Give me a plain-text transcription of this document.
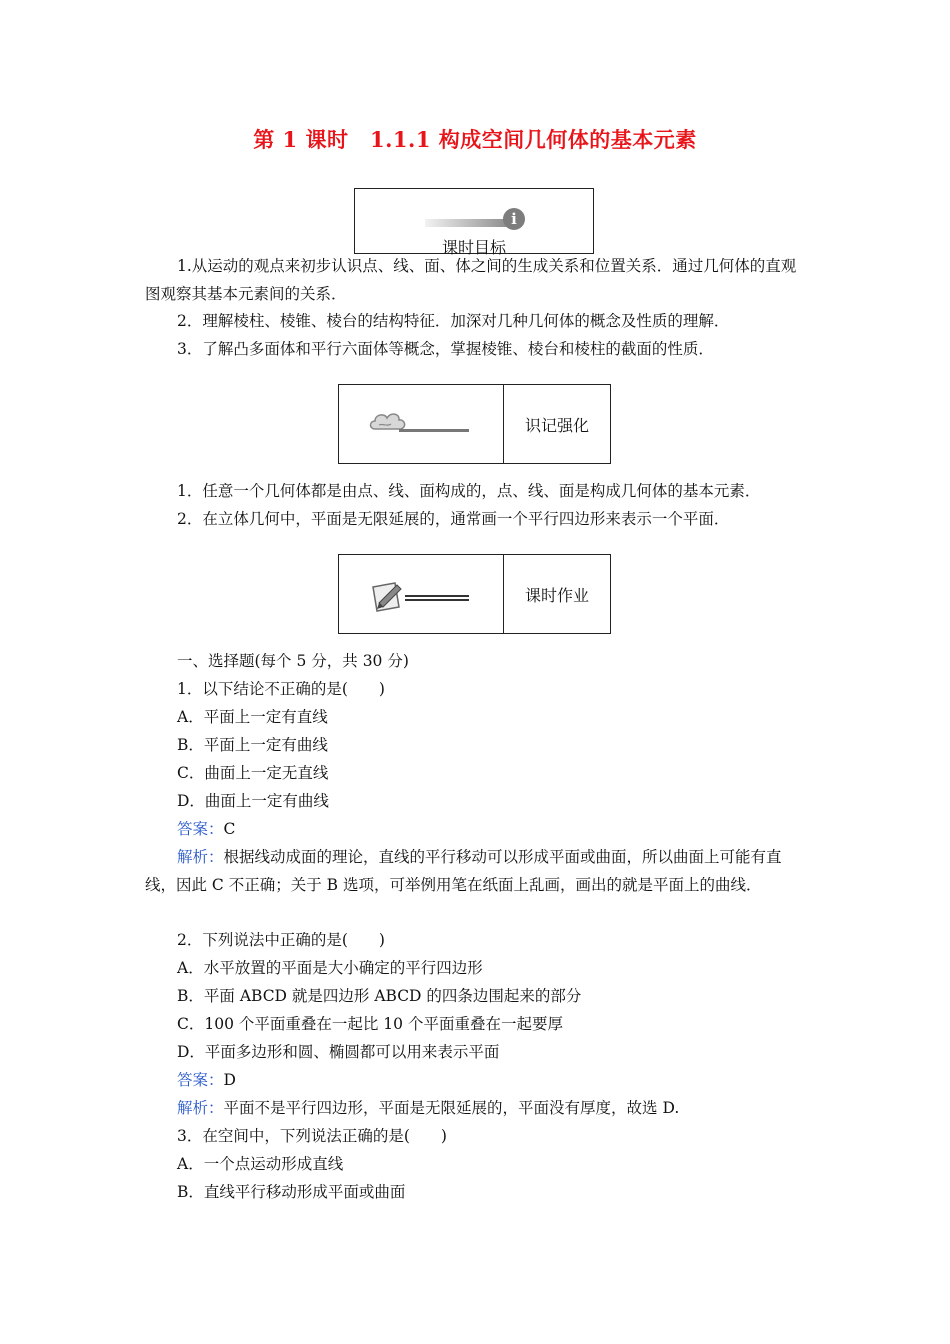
第 1 课时　1.1.1 构成空间几何体的基本元素
i
课时目标

1.从运动的观点来初步认识点、线、面、体之间的生成关系和位置关系．通过几何体的直观图观察其基本元素间的关系．

2．理解棱柱、棱锥、棱台的结构特征．加深对几种几何体的概念及性质的理解．

3．了解凸多面体和平行六面体等概念，掌握棱锥、棱台和棱柱的截面的性质．

识记强化

1．任意一个几何体都是由点、线、面构成的，点、线、面是构成几何体的基本元素．

2．在立体几何中，平面是无限延展的，通常画一个平行四边形来表示一个平面．

课时作业

一、选择题(每个 5 分，共 30 分)

1．以下结论不正确的是(　　)

A．平面上一定有直线

B．平面上一定有曲线

C．曲面上一定无直线

D．曲面上一定有曲线

答案：C

解析：根据线动成面的理论，直线的平行移动可以形成平面或曲面，所以曲面上可能有直线，因此 C 不正确；关于 B 选项，可举例用笔在纸面上乱画，画出的就是平面上的曲线．

2．下列说法中正确的是(　　)

A．水平放置的平面是大小确定的平行四边形

B．平面 ABCD 就是四边形 ABCD 的四条边围起来的部分

C．100 个平面重叠在一起比 10 个平面重叠在一起要厚

D．平面多边形和圆、椭圆都可以用来表示平面

答案：D

解析：平面不是平行四边形，平面是无限延展的，平面没有厚度，故选 D.

3．在空间中，下列说法正确的是(　　)

A．一个点运动形成直线

B．直线平行移动形成平面或曲面
